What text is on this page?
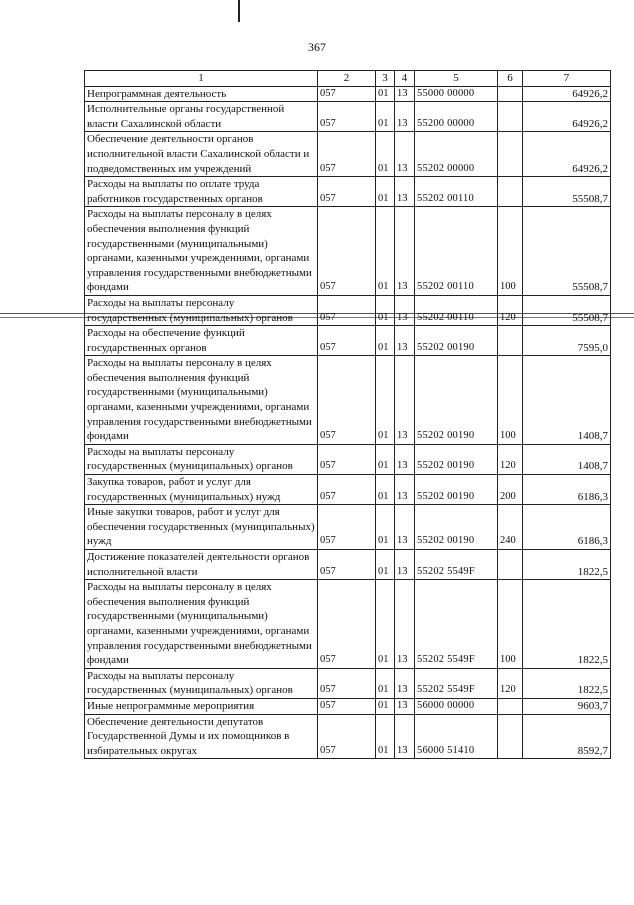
367
1	2	3	4	5	6	7
Непрограммная деятельность	057	01	13	55000 00000		64926,2
Исполнительные органы государственной власти Сахалинской области	057	01	13	55200 00000		64926,2
Обеспечение деятельности органов исполнительной власти Сахалинской области и подведомственных им учреждений	057	01	13	55202 00000		64926,2
Расходы на выплаты по оплате труда работников государственных органов	057	01	13	55202 00110		55508,7
Расходы на выплаты персоналу в целях обеспечения выполнения функций государственными (муниципальными) органами, казенными учреждениями, органами управления государственными внебюджетными фондами	057	01	13	55202 00110	100	55508,7
Расходы на выплаты персоналу государственных (муниципальных) органов	057	01	13	55202 00110	120	55508,7
Расходы на обеспечение функций государственных органов	057	01	13	55202 00190		7595,0
Расходы на выплаты персоналу в целях обеспечения выполнения функций государственными (муниципальными) органами, казенными учреждениями, органами управления государственными внебюджетными фондами	057	01	13	55202 00190	100	1408,7
Расходы на выплаты персоналу государственных (муниципальных) органов	057	01	13	55202 00190	120	1408,7
Закупка товаров, работ и услуг для государственных (муниципальных) нужд	057	01	13	55202 00190	200	6186,3
Иные закупки товаров, работ и услуг для обеспечения государственных (муниципальных) нужд	057	01	13	55202 00190	240	6186,3
Достижение показателей деятельности органов исполнительной власти	057	01	13	55202 5549F		1822,5
Расходы на выплаты персоналу в целях обеспечения выполнения функций государственными (муниципальными) органами, казенными учреждениями, органами управления государственными внебюджетными фондами	057	01	13	55202 5549F	100	1822,5
Расходы на выплаты персоналу государственных (муниципальных) органов	057	01	13	55202 5549F	120	1822,5
Иные непрограммные мероприятия	057	01	13	56000 00000		9603,7
Обеспечение деятельности депутатов Государственной Думы и их помощников в избирательных округах	057	01	13	56000 51410		8592,7
